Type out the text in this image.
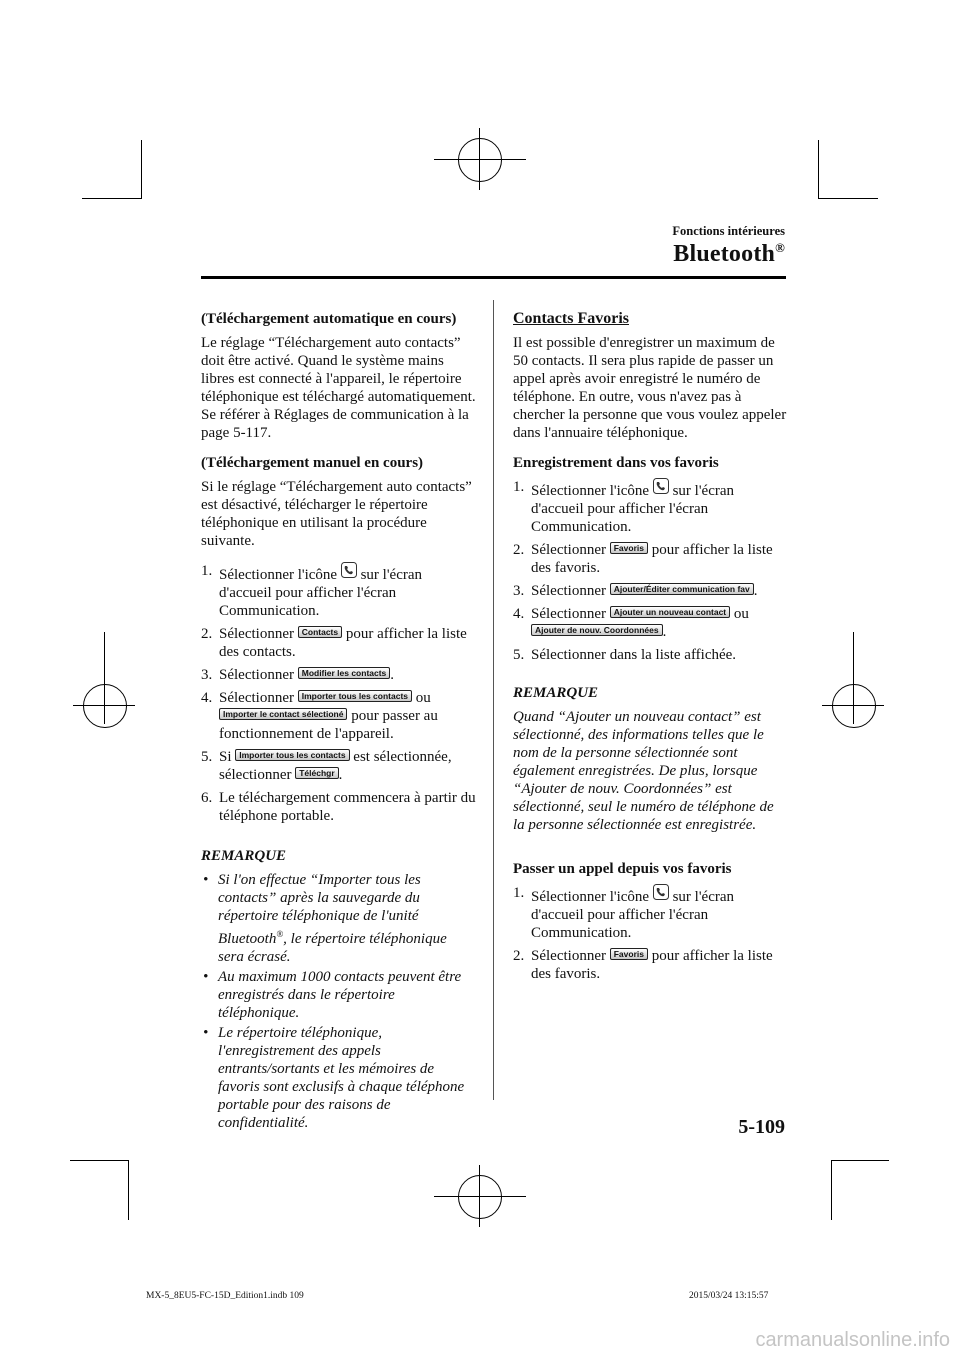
Fonctions intérieures
Bluetooth®
(Téléchargement automatique en cours)

Le réglage “Téléchargement auto contacts” doit être activé. Quand le système mains libres est connecté à l'appareil, le répertoire téléphonique est téléchargé automatiquement.
Se référer à Réglages de communication à la page 5-117.

(Téléchargement manuel en cours)

Si le réglage “Téléchargement auto contacts” est désactivé, télécharger le répertoire téléphonique en utilisant la procédure suivante.

1. Sélectionner l'icône sur l'écran d'accueil pour afficher l'écran Communication.
2. Sélectionner Contacts pour afficher la liste des contacts.
3. Sélectionner Modifier les contacts .
4. Sélectionner Importer tous les contacts ou Importer le contact sélectioné pour passer au fonctionnement de l'appareil.
5. Si Importer tous les contacts est sélectionnée, sélectionner Téléchgr .
6. Le téléchargement commencera à partir du téléphone portable.
REMARQUE
• Si l'on effectue “Importer tous les contacts” après la sauvegarde du répertoire téléphonique de l'unité Bluetooth®, le répertoire téléphonique sera écrasé.
• Au maximum 1000 contacts peuvent être enregistrés dans le répertoire téléphonique.
• Le répertoire téléphonique, l'enregistrement des appels entrants/sortants et les mémoires de favoris sont exclusifs à chaque téléphone portable pour des raisons de confidentialité.
Contacts Favoris

Il est possible d'enregistrer un maximum de 50 contacts. Il sera plus rapide de passer un appel après avoir enregistré le numéro de téléphone. En outre, vous n'avez pas à chercher la personne que vous voulez appeler dans l'annuaire téléphonique.

Enregistrement dans vos favoris
1. Sélectionner l'icône sur l'écran d'accueil pour afficher l'écran Communication.
2. Sélectionner Favoris pour afficher la liste des favoris.
3. Sélectionner Ajouter/Éditer communication fav .
4. Sélectionner Ajouter un nouveau contact ou
Ajouter de nouv. Coordonnées .
5. Sélectionner dans la liste affichée.
REMARQUE

Quand “Ajouter un nouveau contact” est sélectionné, des informations telles que le nom de la personne sélectionnée sont également enregistrées. De plus, lorsque “Ajouter de nouv. Coordonnées” est sélectionné, seul le numéro de téléphone de la personne sélectionnée est enregistrée.

Passer un appel depuis vos favoris
1. Sélectionner l'icône sur l'écran d'accueil pour afficher l'écran Communication.
2. Sélectionner Favoris pour afficher la liste des favoris.
5-109
MX-5_8EU5-FC-15D_Edition1.indb 109	2015/03/24 13:15:57
carmanualsonline.info
